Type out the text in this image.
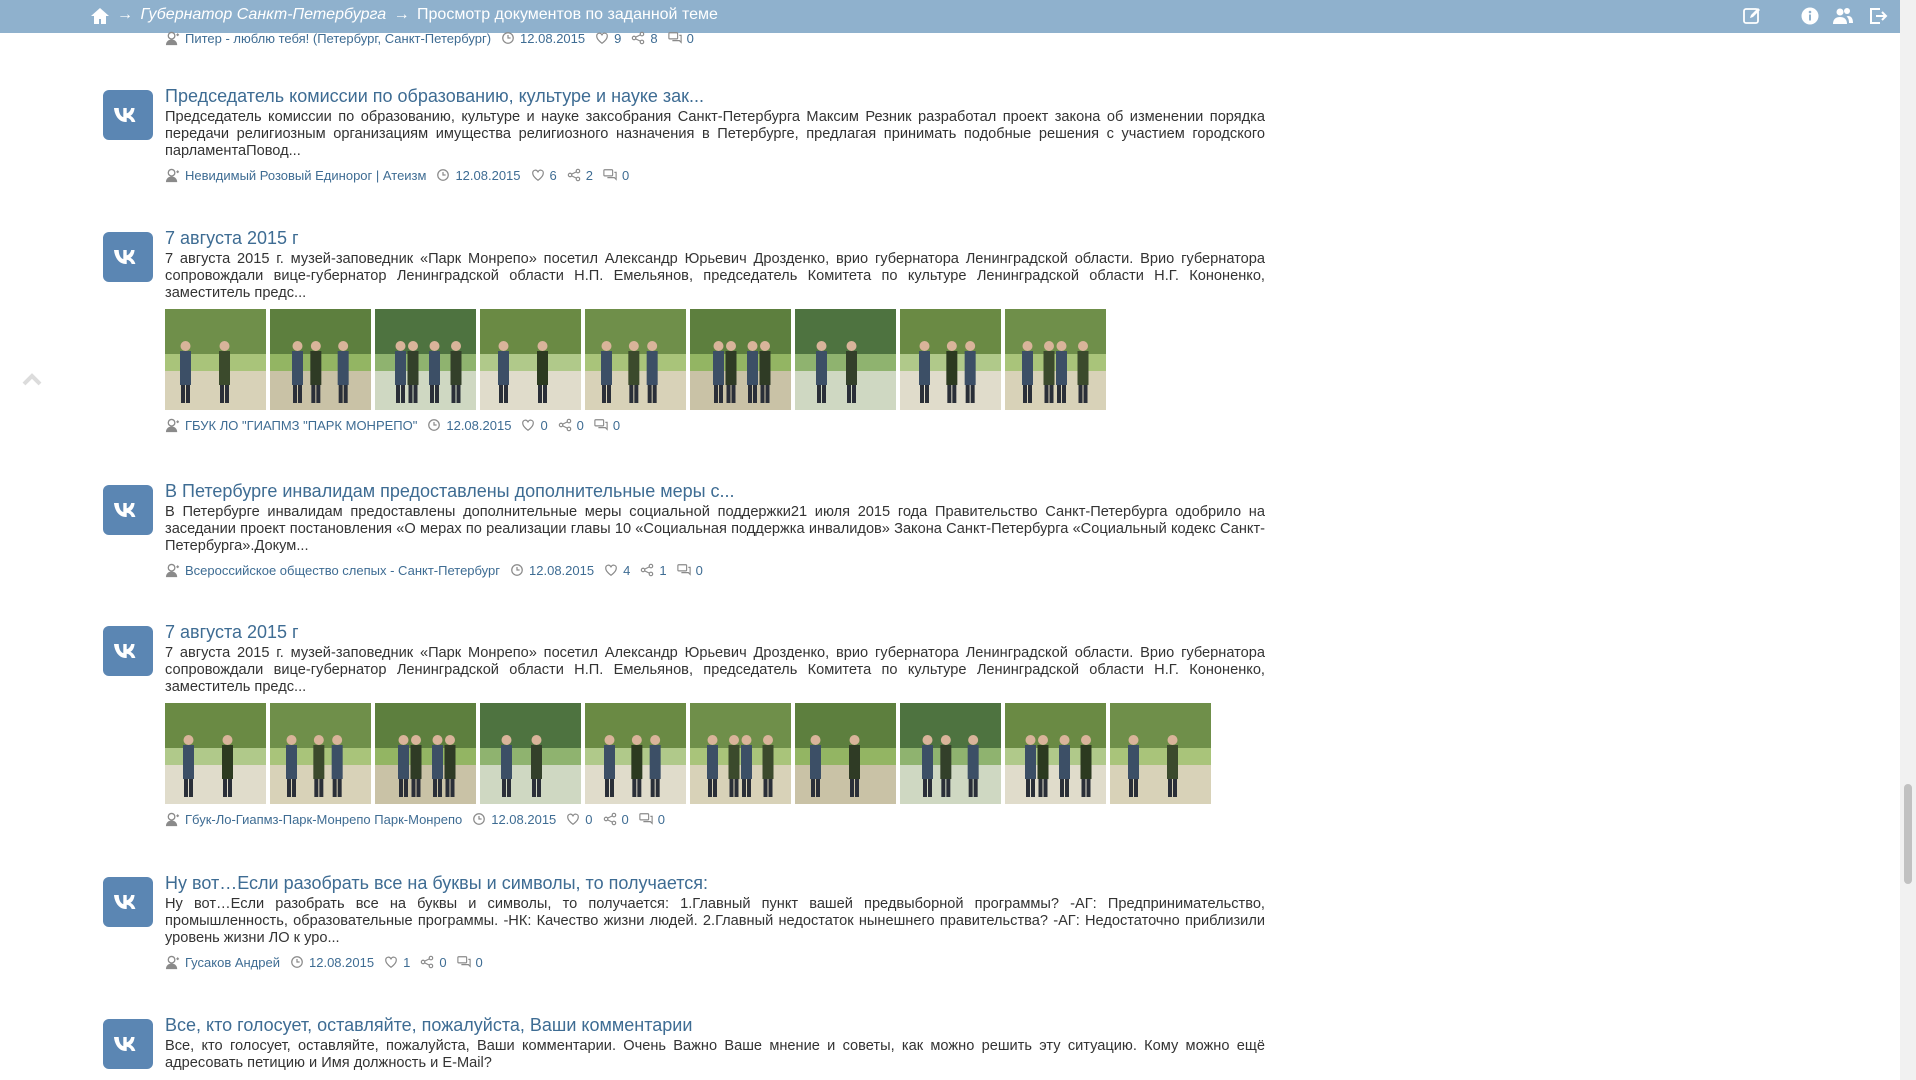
→ Губернатор Санкт-Петербурга → Просмотр документов по заданной теме
Питер - люблю тебя! (Петербург, Санкт-Петербург) 12.08.2015 9 8 0
Председатель комиссии по образованию, культуре и науке зак...
Председатель комиссии по образованию, культуре и науке заксобрания Санкт-Петербурга Максим Резник разработал проект закона об изменении порядка передачи религиозным организациям имущества религиозного назначения в Петербурге, предлагая принимать подобные решения с участием городского парламентаПовод...
Невидимый Розовый Единорог | Атеизм 12.08.2015 6 2 0
7 августа 2015 г
7 августа 2015 г. музей-заповедник «Парк Монрепо» посетил Александр Юрьевич Дрозденко, врио губернатора Ленинградской области. Врио губернатора сопровождали вице-губернатор Ленинградской области Н.П. Емельянов, председатель Комитета по культуре Ленинградской области Н.Г. Кононенко, заместитель предс...
ГБУК ЛО "ГИАПМЗ "ПАРК МОНРЕПО" 12.08.2015 0 0 0
В Петербурге инвалидам предоставлены дополнительные меры с...
В Петербурге инвалидам предоставлены дополнительные меры социальной поддержки21 июля 2015 года Правительство Санкт-Петербурга одобрило на заседании проект постановления «О мерах по реализации главы 10 «Социальная поддержка инвалидов» Закона Санкт-Петербурга «Социальный кодекс Санкт-Петербурга».Докум...
Всероссийское общество слепых - Санкт-Петербург 12.08.2015 4 1 0
7 августа 2015 г
7 августа 2015 г. музей-заповедник «Парк Монрепо» посетил Александр Юрьевич Дрозденко, врио губернатора Ленинградской области. Врио губернатора сопровождали вице-губернатор Ленинградской области Н.П. Емельянов, председатель Комитета по культуре Ленинградской области Н.Г. Кононенко, заместитель предс...
Гбук-Ло-Гиапмз-Парк-Монрепо Парк-Монрепо 12.08.2015 0 0 0
Ну вот…Если разобрать все на буквы и символы, то получается:
Ну вот…Если разобрать все на буквы и символы, то получается: 1.Главный пункт вашей предвыборной программы? -АГ: Предпринимательство, промышленность, образовательные программы. -НК: Качество жизни людей. 2.Главный недостаток нынешнего правительства? -АГ: Недостаточно приблизили уровень жизни ЛО к уро...
Гусаков Андрей 12.08.2015 1 0 0
Все, кто голосует, оставляйте, пожалуйста, Ваши комментарии
Все, кто голосует, оставляйте, пожалуйста, Ваши комментарии. Очень Важно Ваше мнение и советы, как можно решить эту ситуацию. Кому можно ещё адресовать петицию и Имя должность и E-Mail?
